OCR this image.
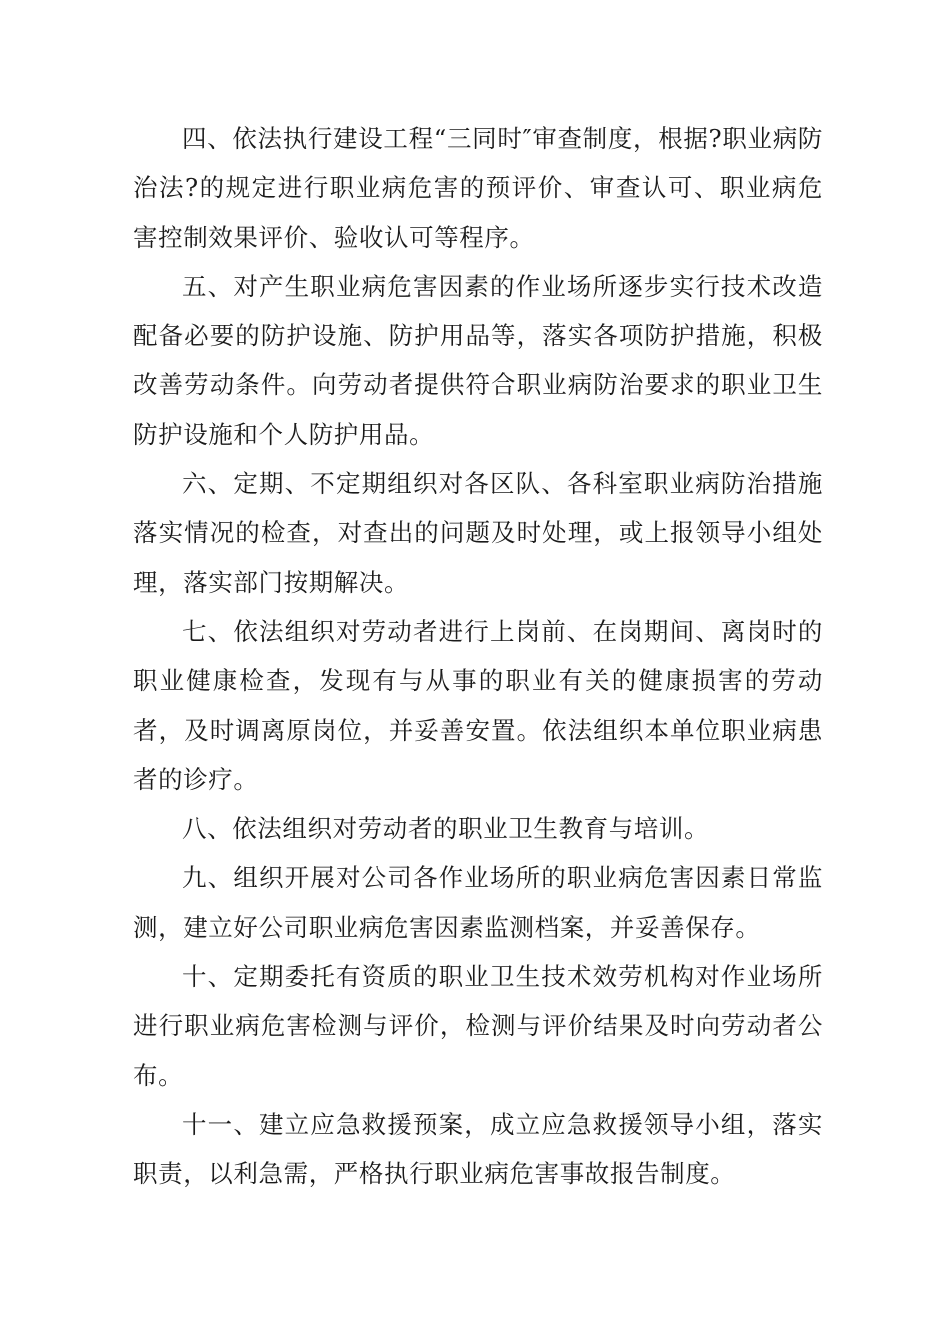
四、依法执行建设工程“三同时″审查制度，根据?职业病防治法?的规定进行职业病危害的预评价、审查认可、职业病危害控制效果评价、验收认可等程序。

五、对产生职业病危害因素的作业场所逐步实行技术改造配备必要的防护设施、防护用品等，落实各项防护措施，积极改善劳动条件。向劳动者提供符合职业病防治要求的职业卫生防护设施和个人防护用品。

六、定期、不定期组织对各区队、各科室职业病防治措施落实情况的检查，对查出的问题及时处理，或上报领导小组处理，落实部门按期解决。

七、依法组织对劳动者进行上岗前、在岗期间、离岗时的职业健康检查，发现有与从事的职业有关的健康损害的劳动者，及时调离原岗位，并妥善安置。依法组织本单位职业病患者的诊疗。

八、依法组织对劳动者的职业卫生教育与培训。

九、组织开展对公司各作业场所的职业病危害因素日常监测，建立好公司职业病危害因素监测档案，并妥善保存。

十、定期委托有资质的职业卫生技术效劳机构对作业场所进行职业病危害检测与评价，检测与评价结果及时向劳动者公布。

十一、建立应急救援预案，成立应急救援领导小组，落实职责，以利急需，严格执行职业病危害事故报告制度。
